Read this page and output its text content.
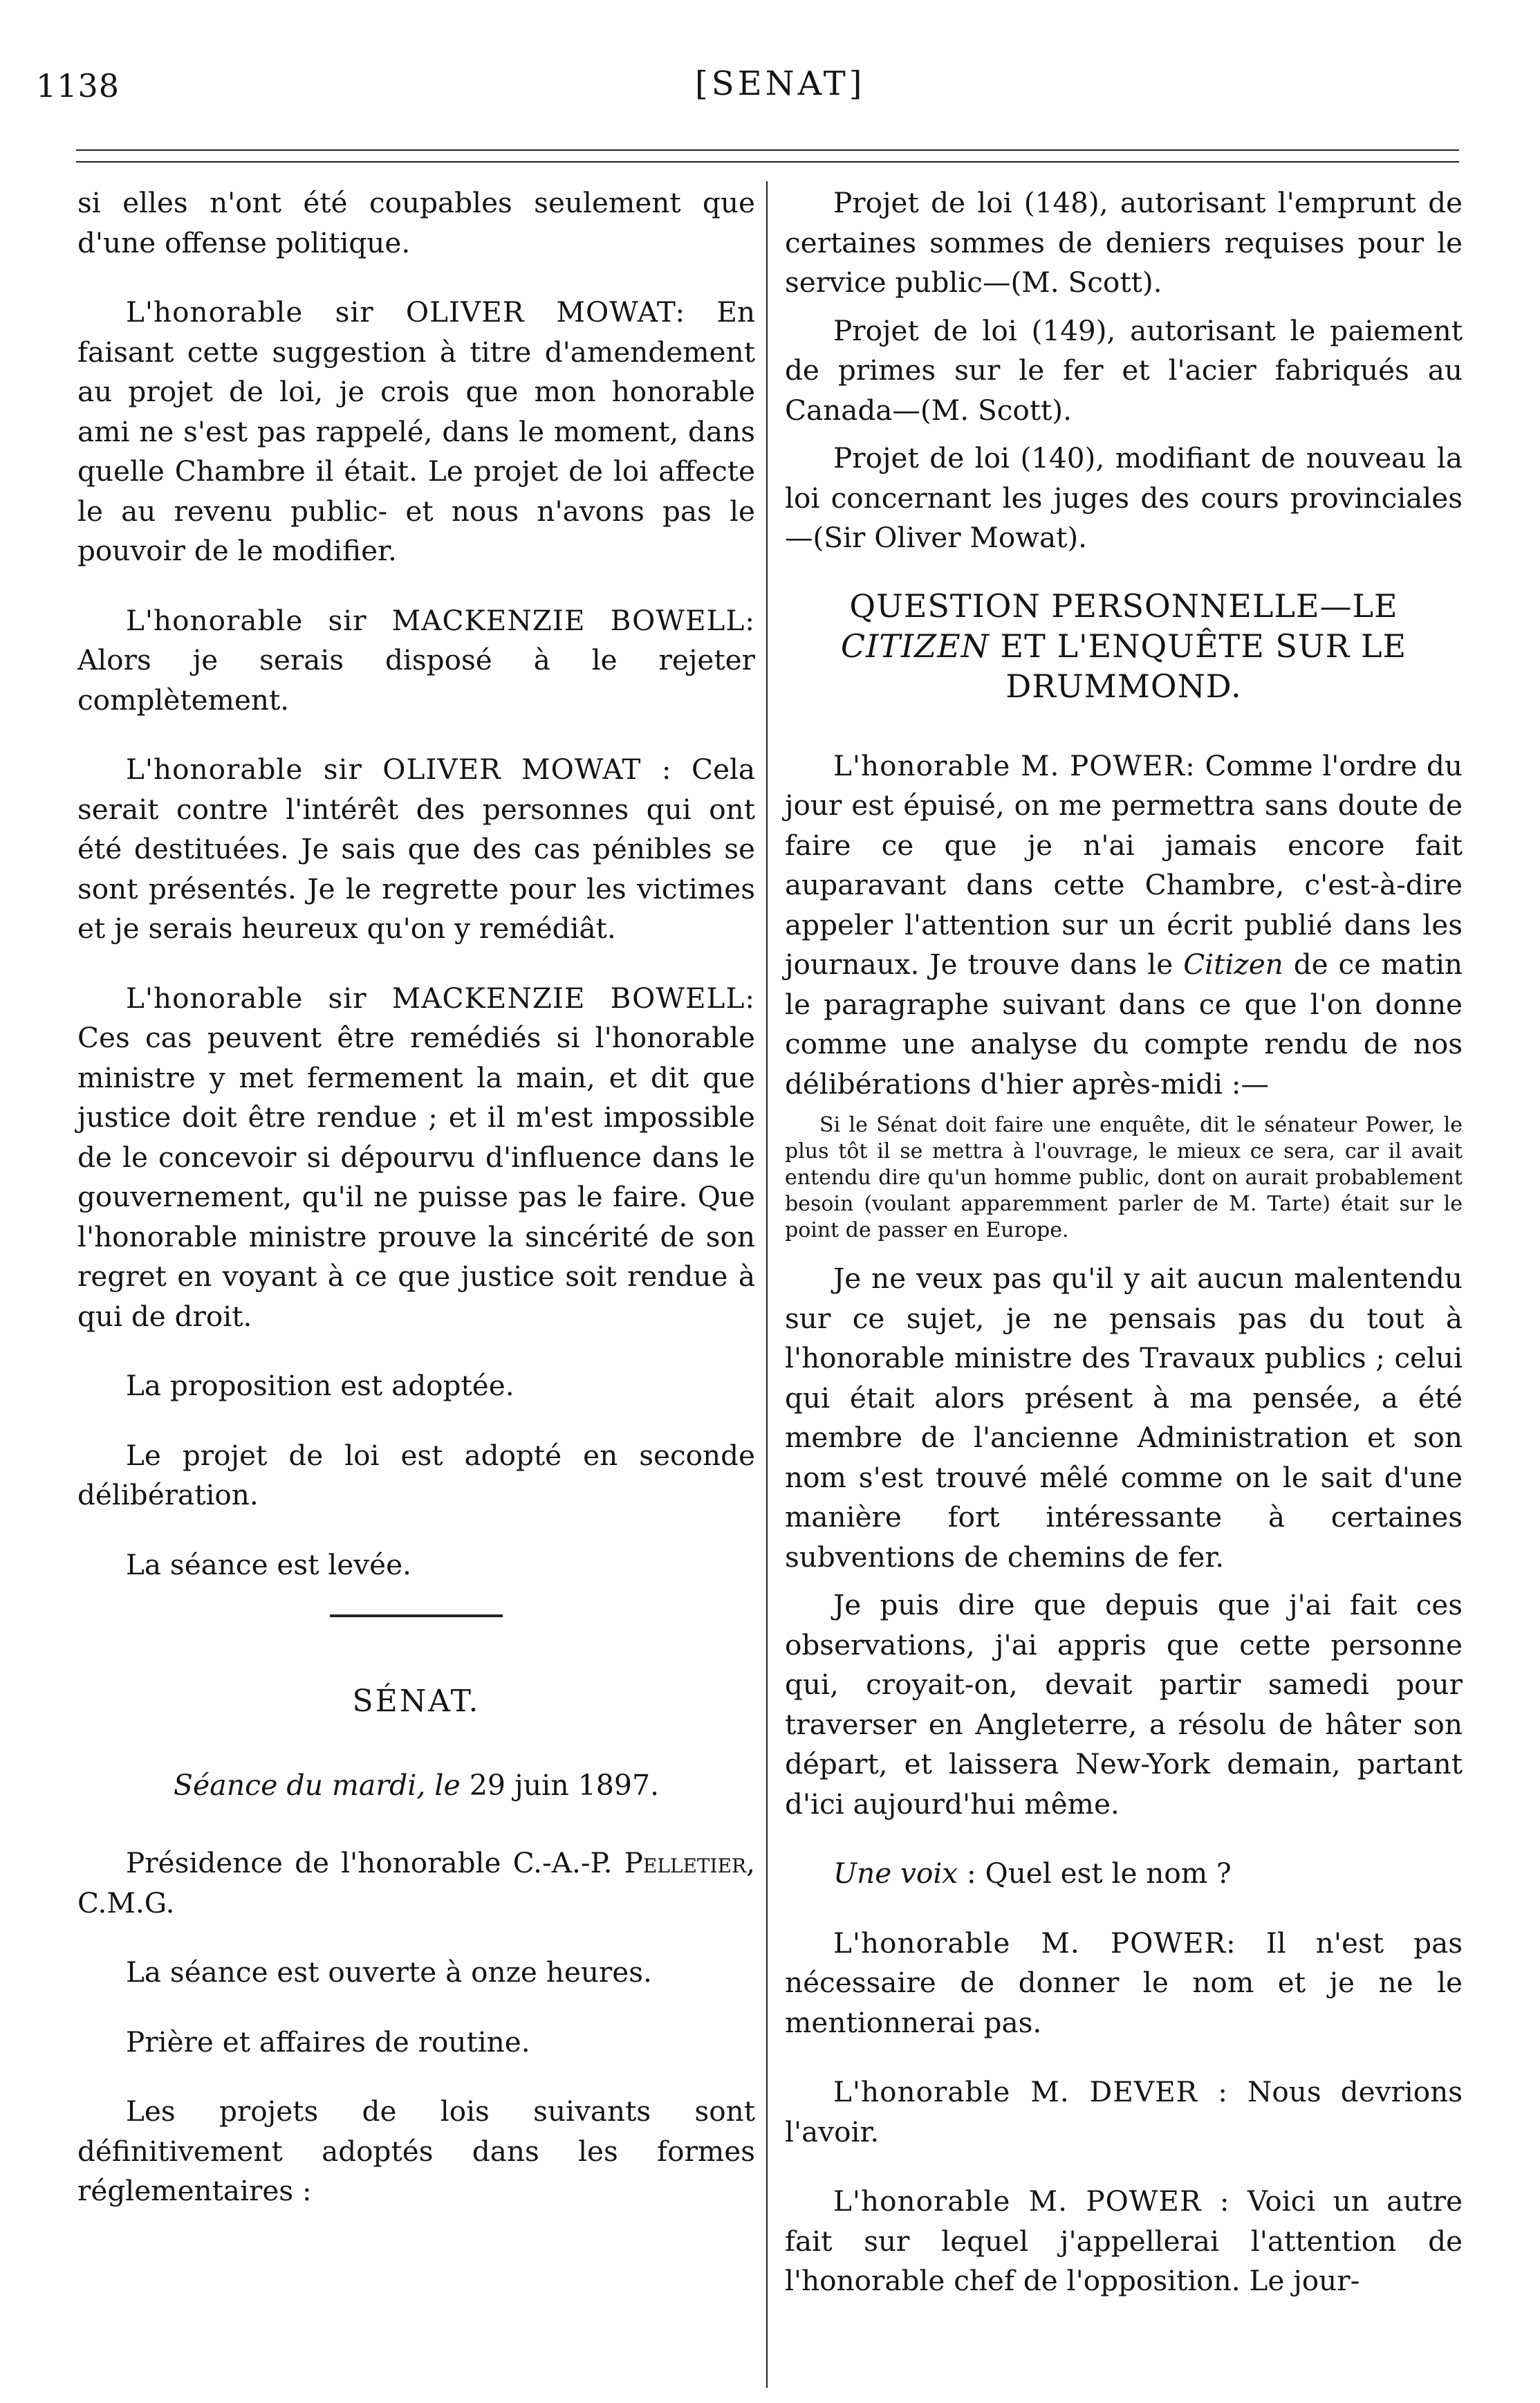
1138	[SENAT]

si elles n'ont été coupables seulement que d'une offense politique.

L'honorable sir OLIVER MOWAT: En faisant cette suggestion à titre d'amendement au projet de loi, je crois que mon honorable ami ne s'est pas rappelé, dans le moment, dans quelle Chambre il était. Le projet de loi affecte le au revenu public- et nous n'avons pas le pouvoir de le modifier.

L'honorable sir MACKENZIE BOWELL: Alors je serais disposé à le rejeter complètement.

L'honorable sir OLIVER MOWAT : Cela serait contre l'intérêt des personnes qui ont été destituées. Je sais que des cas pénibles se sont présentés. Je le regrette pour les victimes et je serais heureux qu'on y remédiât.

L'honorable sir MACKENZIE BOWELL: Ces cas peuvent être remédiés si l'honorable ministre y met fermement la main, et dit que justice doit être rendue ; et il m'est impossible de le concevoir si dépourvu d'influence dans le gouvernement, qu'il ne puisse pas le faire. Que l'honorable ministre prouve la sincérité de son regret en voyant à ce que justice soit rendue à qui de droit.

La proposition est adoptée.

Le projet de loi est adopté en seconde délibération.

La séance est levée.

SÉNAT.
Séance du mardi, le 29 juin 1897.

Présidence de l'honorable C.-A.-P. Pelletier, C.M.G.

La séance est ouverte à onze heures.

Prière et affaires de routine.

Les projets de lois suivants sont définitivement adoptés dans les formes réglementaires :

Projet de loi (148), autorisant l'emprunt de certaines sommes de deniers requises pour le service public—(M. Scott).

Projet de loi (149), autorisant le paiement de primes sur le fer et l'acier fabriqués au Canada—(M. Scott).

Projet de loi (140), modifiant de nouveau la loi concernant les juges des cours provinciales—(Sir Oliver Mowat).

QUESTION PERSONNELLE—LE CITIZEN ET L'ENQUÊTE SUR LE DRUMMOND.

L'honorable M. POWER: Comme l'ordre du jour est épuisé, on me permettra sans doute de faire ce que je n'ai jamais encore fait auparavant dans cette Chambre, c'est-à-dire appeler l'attention sur un écrit publié dans les journaux. Je trouve dans le Citizen de ce matin le paragraphe suivant dans ce que l'on donne comme une analyse du compte rendu de nos délibérations d'hier après-midi :—

Si le Sénat doit faire une enquête, dit le sénateur Power, le plus tôt il se mettra à l'ouvrage, le mieux ce sera, car il avait entendu dire qu'un homme public, dont on aurait probablement besoin (voulant apparemment parler de M. Tarte) était sur le point de passer en Europe.

Je ne veux pas qu'il y ait aucun malentendu sur ce sujet, je ne pensais pas du tout à l'honorable ministre des Travaux publics ; celui qui était alors présent à ma pensée, a été membre de l'ancienne Administration et son nom s'est trouvé mêlé comme on le sait d'une manière fort intéressante à certaines subventions de chemins de fer.

Je puis dire que depuis que j'ai fait ces observations, j'ai appris que cette personne qui, croyait-on, devait partir samedi pour traverser en Angleterre, a résolu de hâter son départ, et laissera New-York demain, partant d'ici aujourd'hui même.

Une voix : Quel est le nom ?

L'honorable M. POWER: Il n'est pas nécessaire de donner le nom et je ne le mentionnerai pas.

L'honorable M. DEVER : Nous devrions l'avoir.

L'honorable M. POWER : Voici un autre fait sur lequel j'appellerai l'attention de l'honorable chef de l'opposition. Le jour-
